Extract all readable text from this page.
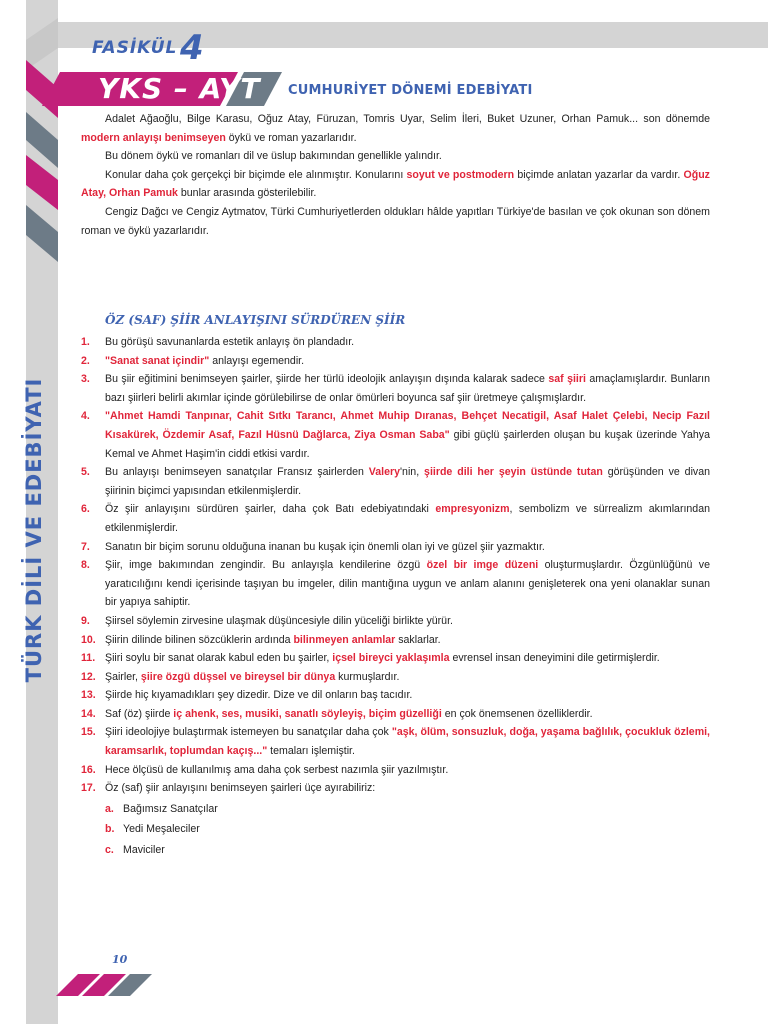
TÜRK DİLİ VE EDEBİYATI
FASİKÜL 4
YKS – AYT CUMHURİYET DÖNEMİ EDEBİYATI

Adalet Ağaoğlu, Bilge Karasu, Oğuz Atay, Füruzan, Tomris Uyar, Selim İleri, Buket Uzuner, Orhan Pamuk... son dönemde modern anlayışı benimseyen öykü ve roman yazarlarıdır.

Bu dönem öykü ve romanları dil ve üslup bakımından genellikle yalındır.

Konular daha çok gerçekçi bir biçimde ele alınmıştır. Konularını soyut ve postmodern biçimde anlatan yazarlar da vardır. Oğuz Atay, Orhan Pamuk bunlar arasında gösterilebilir.

Cengiz Dağcı ve Cengiz Aytmatov, Türki Cumhuriyetlerden oldukları hâlde yapıtları Türkiye'de basılan ve çok okunan son dönem roman ve öykü yazarlarıdır.

ÖZ (SAF) ŞİİR ANLAYIŞINI SÜRDÜREN ŞİİR
1. Bu görüşü savunanlarda estetik anlayış ön plandadır.
2. "Sanat sanat içindir" anlayışı egemendir.
3. Bu şiir eğitimini benimseyen şairler, şiirde her türlü ideolojik anlayışın dışında kalarak sadece saf şiiri amaçlamışlardır. Bunların bazı şiirleri belirli akımlar içinde görülebilirse de onlar ömürleri boyunca saf şiir üretmeye çalışmışlardır.
4. "Ahmet Hamdi Tanpınar, Cahit Sıtkı Tarancı, Ahmet Muhip Dıranas, Behçet Necatigil, Asaf Halet Çelebi, Necip Fazıl Kısakürek, Özdemir Asaf, Fazıl Hüsnü Dağlarca, Ziya Osman Saba" gibi güçlü şairlerden oluşan bu kuşak üzerinde Yahya Kemal ve Ahmet Haşim'in ciddi etkisi vardır.
5. Bu anlayışı benimseyen sanatçılar Fransız şairlerden Valery'nin, şiirde dili her şeyin üstünde tutan görüşünden ve divan şiirinin biçimci yapısından etkilenmişlerdir.
6. Öz şiir anlayışını sürdüren şairler, daha çok Batı edebiyatındaki empresyonizm, sembolizm ve sürrealizm akımlarından etkilenmişlerdir.
7. Sanatın bir biçim sorunu olduğuna inanan bu kuşak için önemli olan iyi ve güzel şiir yazmaktır.
8. Şiir, imge bakımından zengindir. Bu anlayışla kendilerine özgü özel bir imge düzeni oluşturmuşlardır. Özgünlüğünü ve yaratıcılığını kendi içerisinde taşıyan bu imgeler, dilin mantığına uygun ve anlam alanını genişleterek ona yeni olanaklar sunan bir yapıya sahiptir.
9. Şiirsel söylemin zirvesine ulaşmak düşüncesiyle dilin yüceliği birlikte yürür.
10. Şiirin dilinde bilinen sözcüklerin ardında bilinmeyen anlamlar saklarlar.
11. Şiiri soylu bir sanat olarak kabul eden bu şairler, içsel bireyci yaklaşımla evrensel insan deneyimini dile getirmişlerdir.
12. Şairler, şiire özgü düşsel ve bireysel bir dünya kurmuşlardır.
13. Şiirde hiç kıyamadıkları şey dizedir. Dize ve dil onların baş tacıdır.
14. Saf (öz) şiirde iç ahenk, ses, musiki, sanatlı söyleyiş, biçim güzelliği en çok önemsenen özelliklerdir.
15. Şiiri ideolojiye bulaştırmak istemeyen bu sanatçılar daha çok "aşk, ölüm, sonsuzluk, doğa, yaşama bağlılık, çocukluk özlemi, karamsarlık, toplumdan kaçış..." temaları işlemiştir.
16. Hece ölçüsü de kullanılmış ama daha çok serbest nazımla şiir yazılmıştır.
17. Öz (saf) şiir anlayışını benimseyen şairleri üçe ayırabiliriz:
a. Bağımsız Sanatçılar
b. Yedi Meşaleciler
c. Maviciler
10
